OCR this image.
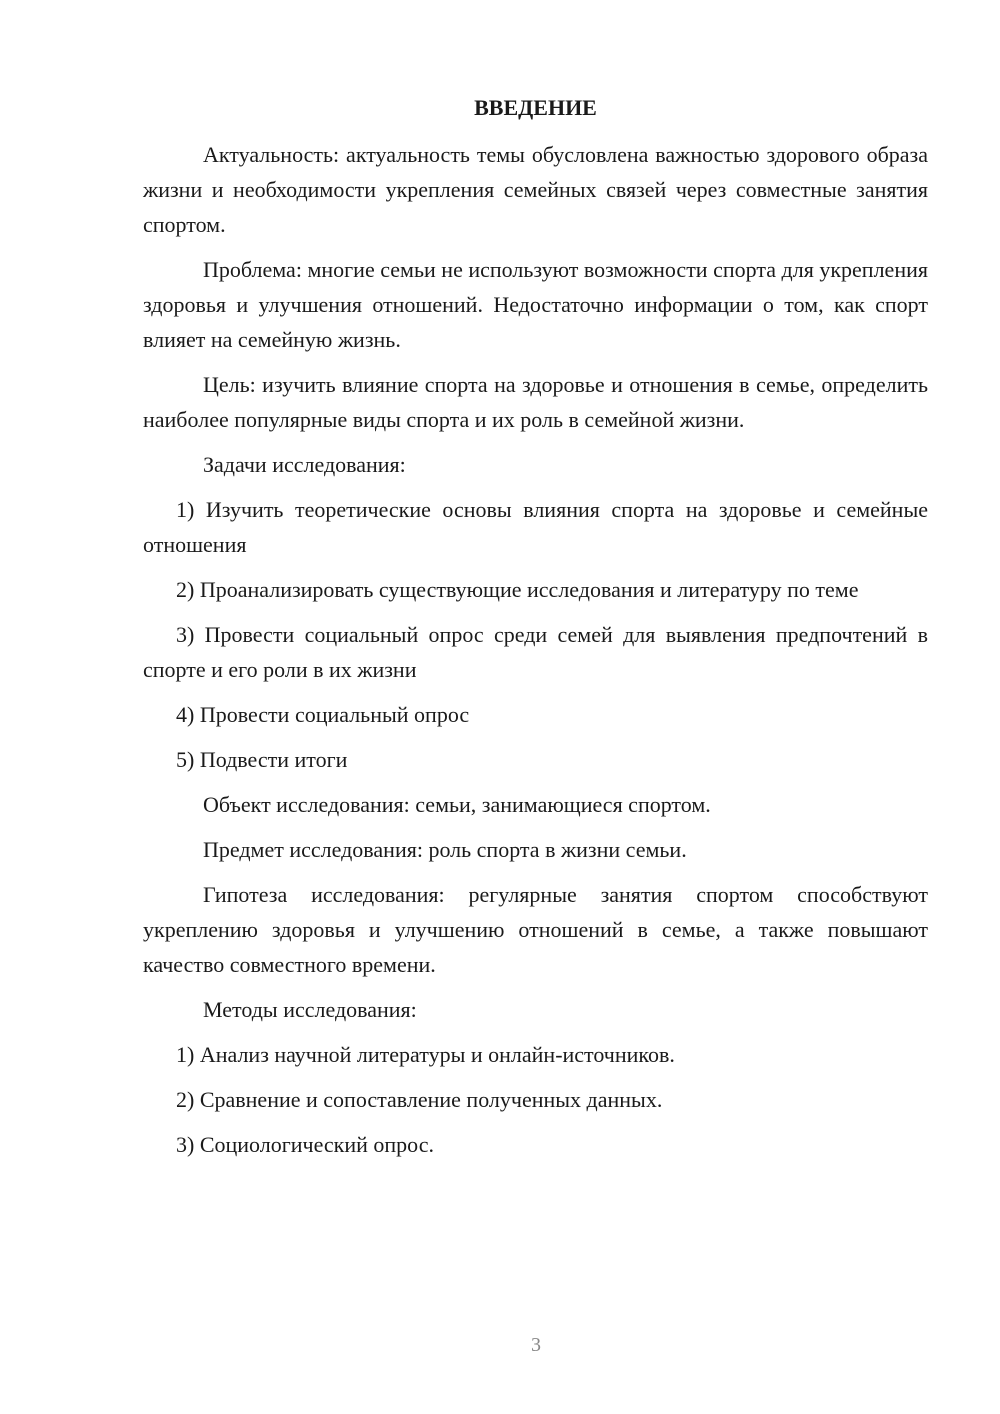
ВВЕДЕНИЕ

Актуальность: актуальность темы обусловлена важностью здорового образа жизни и необходимости укрепления семейных связей через совместные занятия спортом.

Проблема: многие семьи не используют возможности спорта для укрепления здоровья и улучшения отношений. Недостаточно информации о том, как спорт влияет на семейную жизнь.

Цель: изучить влияние спорта на здоровье и отношения в семье, определить наиболее популярные виды спорта и их роль в семейной жизни.

Задачи исследования:

1) Изучить теоретические основы влияния спорта на здоровье и семейные отношения

2) Проанализировать существующие исследования и литературу по теме

3) Провести социальный опрос среди семей для выявления предпочтений в спорте и его роли в их жизни

4) Провести социальный опрос

5) Подвести итоги

Объект исследования: семьи, занимающиеся спортом.

Предмет исследования: роль спорта в жизни семьи.

Гипотеза исследования: регулярные занятия спортом способствуют укреплению здоровья и улучшению отношений в семье, а также повышают качество совместного времени.

Методы исследования:

1) Анализ научной литературы и онлайн-источников.

2) Сравнение и сопоставление полученных данных.

3) Социологический опрос.

3
